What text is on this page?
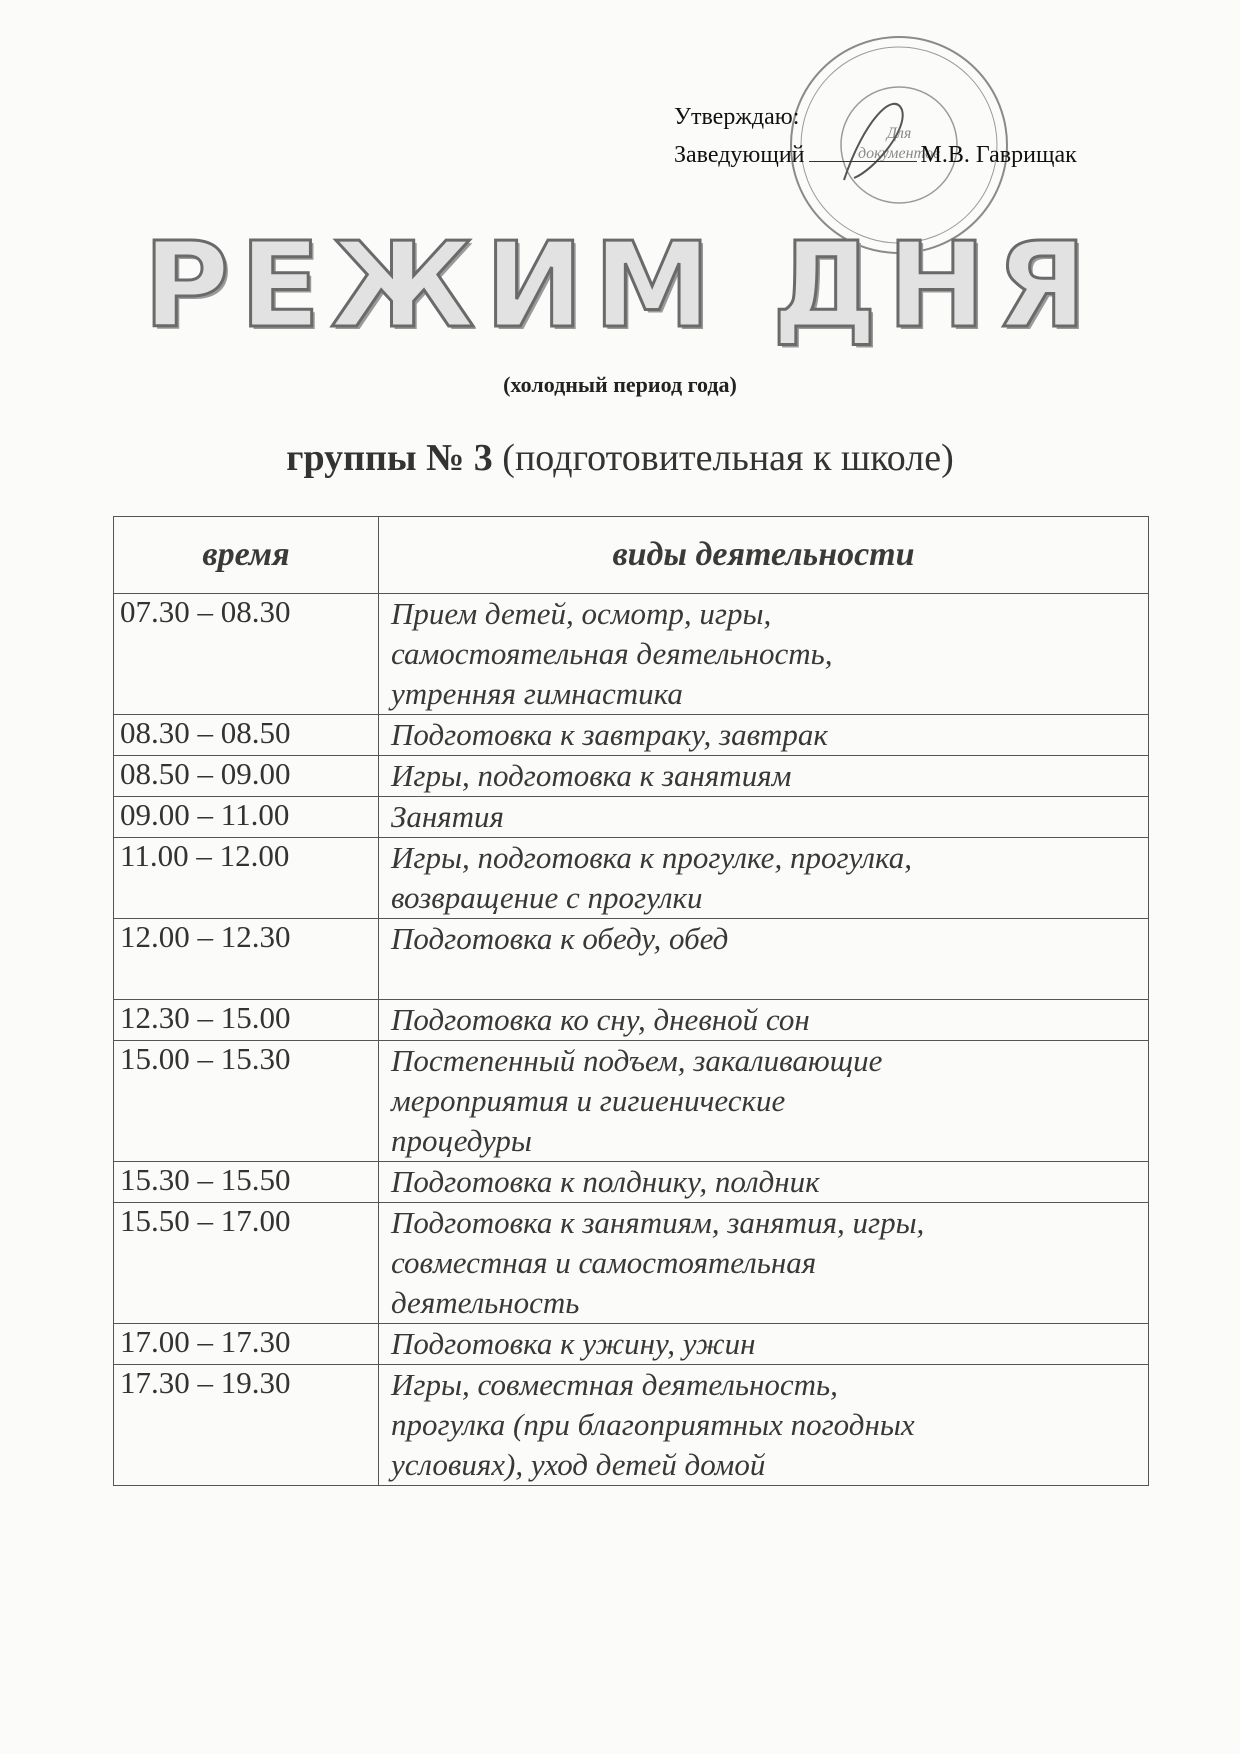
Для
документов
Утверждаю:
Заведующий	М.В. Гаврищак
РЕЖИМ ДНЯ
(холодный период года)
группы № 3 (подготовительная к школе)
время	виды деятельности
07.30 – 08.30	Прием детей, осмотр, игры,
самостоятельная деятельность,
утренняя гимнастика

08.30 – 08.50	Подготовка к завтраку, завтрак

08.50 – 09.00	Игры, подготовка к занятиям

09.00 – 11.00	Занятия

11.00 – 12.00	Игры, подготовка к прогулке, прогулка,
возвращение с прогулки

12.00 – 12.30	Подготовка к обеду, обед

12.30 – 15.00	Подготовка ко сну, дневной сон

15.00 – 15.30	Постепенный подъем, закаливающие
мероприятия и гигиенические
процедуры

15.30 – 15.50	Подготовка к полднику, полдник

15.50 – 17.00	Подготовка к занятиям, занятия, игры,
совместная и самостоятельная
деятельность

17.00 – 17.30	Подготовка к ужину, ужин

17.30 – 19.30	Игры, совместная деятельность,
прогулка (при благоприятных погодных
условиях), уход детей домой
